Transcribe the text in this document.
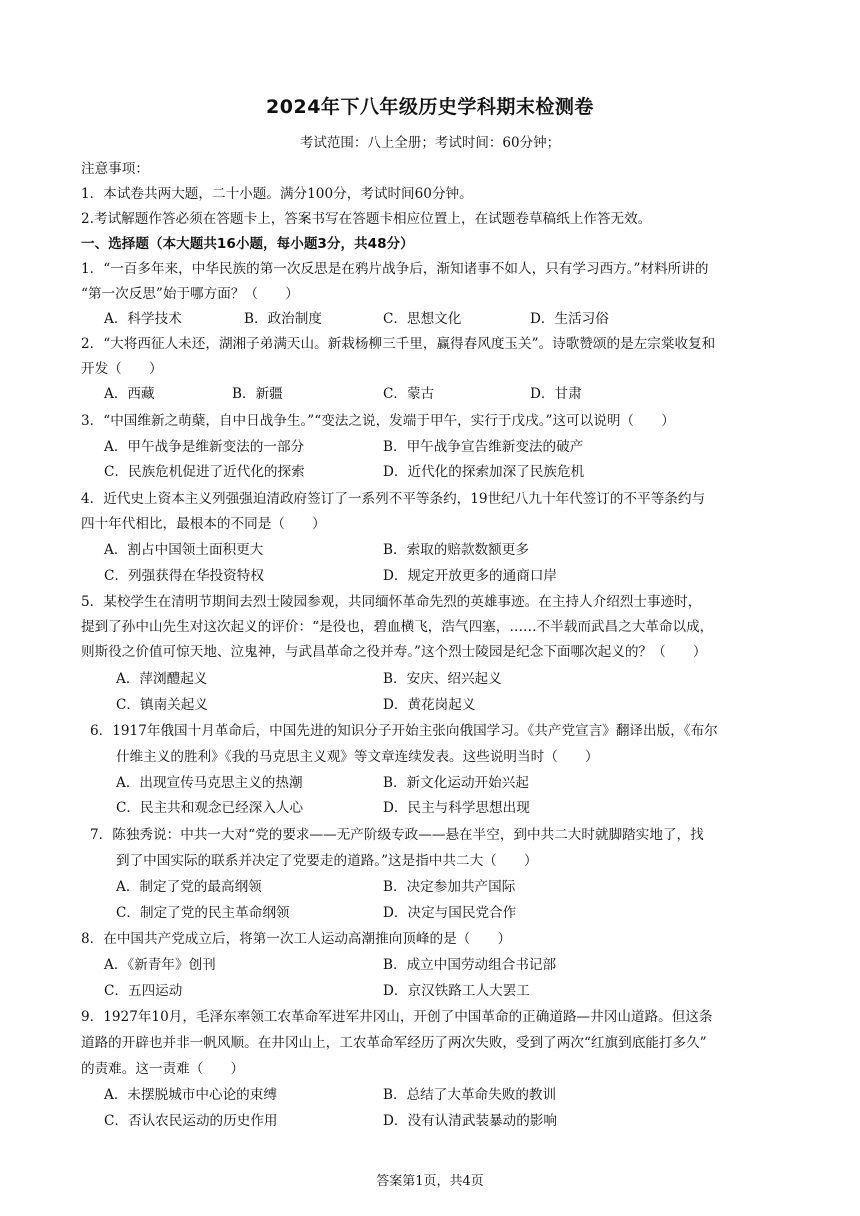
2024年下八年级历史学科期末检测卷
考试范围：八上全册；考试时间：60分钟；
注意事项：
1．本试卷共两大题，二十小题。满分100分，考试时间60分钟。
2.考试解题作答必须在答题卡上，答案书写在答题卡相应位置上，在试题卷草稿纸上作答无效。
一、选择题（本大题共16小题，每小题3分，共48分）
1．“一百多年来，中华民族的第一次反思是在鸦片战争后，渐知诸事不如人，只有学习西方。”材料所讲的
“第一次反思”始于哪方面？（　　）
A．科学技术	B．政治制度	C．思想文化	D．生活习俗
2．“大将西征人未还，湖湘子弟满天山。新栽杨柳三千里，赢得春风度玉关”。诗歌赞颂的是左宗棠收复和
开发（　　）
A．西藏	B．新疆	C．蒙古	D．甘肃
3．“中国维新之萌蘖，自中日战争生。”“变法之说，发端于甲午，实行于戊戌。”这可以说明（　　）
A．甲午战争是维新变法的一部分	B．甲午战争宣告维新变法的破产
C．民族危机促进了近代化的探索	D．近代化的探索加深了民族危机
4．近代史上资本主义列强强迫清政府签订了一系列不平等条约，19世纪八九十年代签订的不平等条约与
四十年代相比，最根本的不同是（　　）
A．割占中国领土面积更大	B．索取的赔款数额更多
C．列强获得在华投资特权	D．规定开放更多的通商口岸
5．某校学生在清明节期间去烈士陵园参观，共同缅怀革命先烈的英雄事迹。在主持人介绍烈士事迹时，
提到了孙中山先生对这次起义的评价：“是役也，碧血横飞，浩气四塞，……不半载而武昌之大革命以成，
则斯役之价值可惊天地、泣鬼神，与武昌革命之役并寿。”这个烈士陵园是纪念下面哪次起义的？（　　）
A．萍浏醴起义	B．安庆、绍兴起义
C．镇南关起义	D．黄花岗起义
6．1917年俄国十月革命后，中国先进的知识分子开始主张向俄国学习。《共产党宣言》翻译出版，《布尔
什维主义的胜利》《我的马克思主义观》等文章连续发表。这些说明当时（　　）
A．出现宣传马克思主义的热潮	B．新文化运动开始兴起
C．民主共和观念已经深入人心	D．民主与科学思想出现
7．陈独秀说：中共一大对“党的要求——无产阶级专政——悬在半空，到中共二大时就脚踏实地了，找
到了中国实际的联系并决定了党要走的道路。”这是指中共二大（　　）
A．制定了党的最高纲领	B．决定参加共产国际
C．制定了党的民主革命纲领	D．决定与国民党合作
8．在中国共产党成立后，将第一次工人运动高潮推向顶峰的是（　　）
A．《新青年》创刊	B．成立中国劳动组合书记部
C．五四运动	D．京汉铁路工人大罢工
9．1927年10月，毛泽东率领工农革命军进军井冈山，开创了中国革命的正确道路—井冈山道路。但这条
道路的开辟也并非一帆风顺。在井冈山上，工农革命军经历了两次失败，受到了两次“红旗到底能打多久”
的责难。这一责难（　　）
A．未摆脱城市中心论的束缚	B．总结了大革命失败的教训
C．否认农民运动的历史作用	D．没有认清武装暴动的影响
答案第1页，共4页
